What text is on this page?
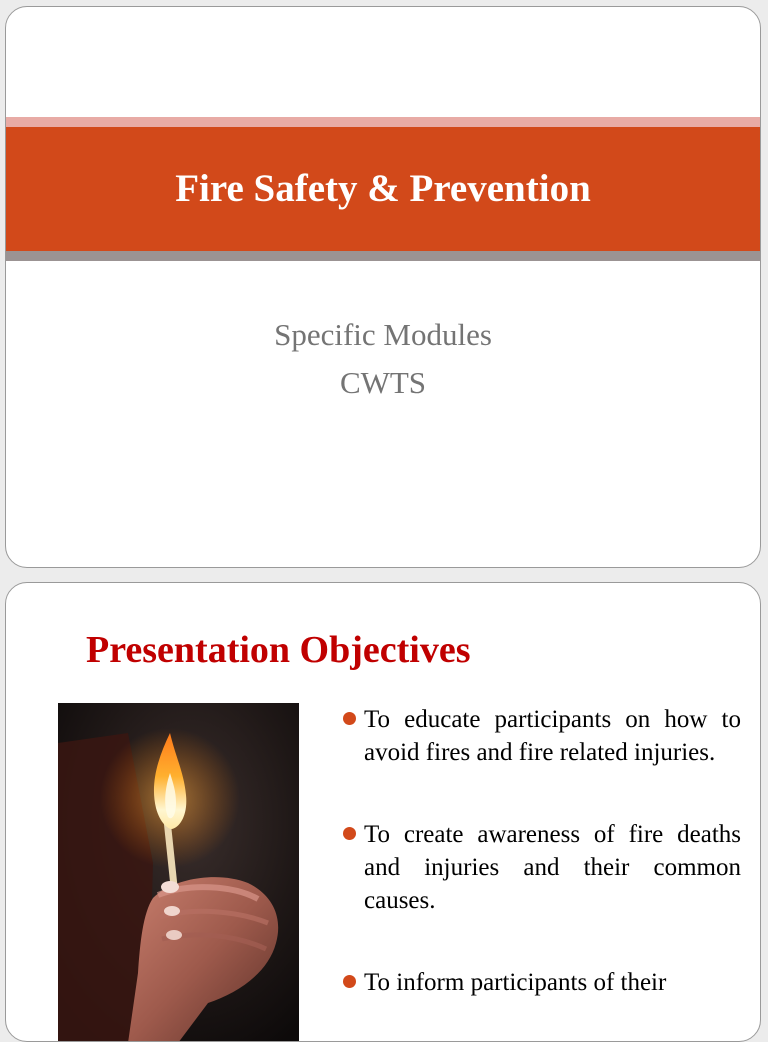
Fire Safety & Prevention
Specific Modules
CWTS
Presentation Objectives
To educate participants on how to avoid fires and fire related injuries.
To create awareness of fire deaths and injuries and their common causes.
To inform participants of their
